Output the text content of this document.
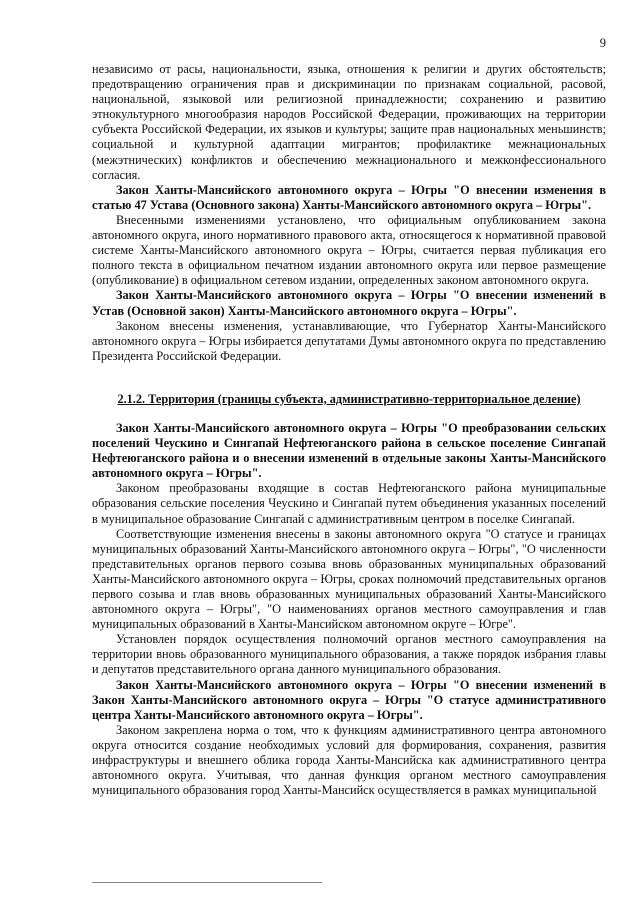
9

независимо от расы, национальности, языка, отношения к религии и других обстоятельств; предотвращению ограничения прав и дискриминации по признакам социальной, расовой, национальной, языковой или религиозной принадлежности; сохранению и развитию этнокультурного многообразия народов Российской Федерации, проживающих на территории субъекта Российской Федерации, их языков и культуры; защите прав национальных меньшинств; социальной и культурной адаптации мигрантов; профилактике межнациональных (межэтнических) конфликтов и обеспечению межнационального и межконфессионального согласия.

Закон Ханты-Мансийского автономного округа – Югры "О внесении изменения в статью 47 Устава (Основного закона) Ханты-Мансийского автономного округа – Югры".

Внесенными изменениями установлено, что официальным опубликованием закона автономного округа, иного нормативного правового акта, относящегося к нормативной правовой системе Ханты-Мансийского автономного округа – Югры, считается первая публикация его полного текста в официальном печатном издании автономного округа или первое размещение (опубликование) в официальном сетевом издании, определенных законом автономного округа.

Закон Ханты-Мансийского автономного округа – Югры "О внесении изменений в Устав (Основной закон) Ханты-Мансийского автономного округа – Югры".

Законом внесены изменения, устанавливающие, что Губернатор Ханты-Мансийского автономного округа – Югры избирается депутатами Думы автономного округа по представлению Президента Российской Федерации.

2.1.2. Территория (границы субъекта, административно-территориальное деление)

Закон Ханты-Мансийского автономного округа – Югры "О преобразовании сельских поселений Чеускино и Сингапай Нефтеюганского района в сельское поселение Сингапай Нефтеюганского района и о внесении изменений в отдельные законы Ханты-Мансийского автономного округа – Югры".

Законом преобразованы входящие в состав Нефтеюганского района муниципальные образования сельские поселения Чеускино и Сингапай путем объединения указанных поселений в муниципальное образование Сингапай с административным центром в поселке Сингапай.

Соответствующие изменения внесены в законы автономного округа "О статусе и границах муниципальных образований Ханты-Мансийского автономного округа – Югры", "О численности представительных органов первого созыва вновь образованных муниципальных образований Ханты-Мансийского автономного округа – Югры, сроках полномочий представительных органов первого созыва и глав вновь образованных муниципальных образований Ханты-Мансийского автономного округа – Югры", "О наименованиях органов местного самоуправления и глав муниципальных образований в Ханты-Мансийском автономном округе – Югре".

Установлен порядок осуществления полномочий органов местного самоуправления на территории вновь образованного муниципального образования, а также порядок избрания главы и депутатов представительного органа данного муниципального образования.

Закон Ханты-Мансийского автономного округа – Югры "О внесении изменений в Закон Ханты-Мансийского автономного округа – Югры "О статусе административного центра Ханты-Мансийского автономного округа – Югры".

Законом закреплена норма о том, что к функциям административного центра автономного округа относится создание необходимых условий для формирования, сохранения, развития инфраструктуры и внешнего облика города Ханты-Мансийска как административного центра автономного округа. Учитывая, что данная функция органом местного самоуправления муниципального образования город Ханты-Мансийск осуществляется в рамках муниципальной
